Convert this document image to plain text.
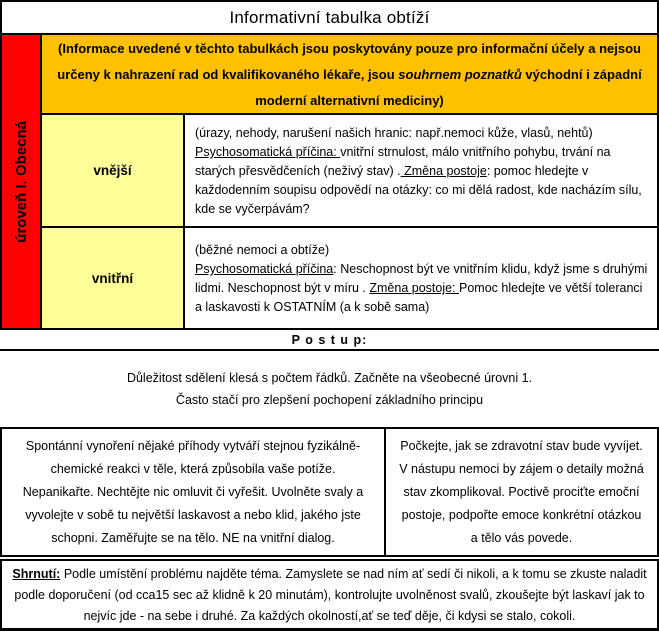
Informativní tabulka obtíží
úroveň I. Obecná
(Informace uvedené v těchto tabulkách jsou poskytovány pouze pro informační účely a nejsou určeny k nahrazení rad od kvalifikovaného lékaře, jsou souhrnem poznatků východní i západní moderní alternativní mediciny)
vnější
(úrazy, nehody, narušení našich hranic: např.nemoci kůže, vlasů, nehtů)
Psychosomatická příčina: vnitřní strnulost, málo vnitřního pohybu, trvání na starých přesvědčeních (neživý stav) . Změna postoje: pomoc hledejte v každodenním soupisu odpovědí na otázky: co mi dělá radost, kde nacházím sílu, kde se vyčerpávám?
vnitřní
(běžné nemoci a obtíže)
Psychosomatická příčina: Neschopnost být ve vnitřním klidu, když jsme s druhými lidmi. Neschopnost být v míru . Změna postoje: Pomoc hledejte ve větší toleranci a laskavosti k OSTATNÍM (a k sobě sama)
P o s t u p:
Důležitost sdělení klesá s počtem řádků. Začněte na všeobecné úrovni 1.
Často stačí pro zlepšení pochopení základního principu
Spontánní vynoření nějaké příhody vytváří stejnou fyzikálně-chemické reakci v těle, která způsobila vaše potíže. Nepanikařte. Nechtějte nic omluvit či vyřešit. Uvolněte svaly a vyvolejte v sobě tu největší laskavost a nebo klid, jakého jste schopni. Zaměřujte se na tělo. NE na vnitřní dialog.
Počkejte, jak se zdravotní stav bude vyvíjet. V nástupu nemoci by zájem o detaily možná stav zkomplikoval. Poctivě prociťte emoční postoje, podpořte emoce konkrétní otázkou a tělo vás povede.
Shrnutí: Podle umístění problému najděte téma. Zamyslete se nad ním ať sedí či nikoli, a k tomu se zkuste naladit podle doporučení (od cca15 sec až klidně k 20 minutám), kontrolujte uvolněnost svalů, zkoušejte být laskaví jak to nejvíc jde - na sebe i druhé. Za každých okolností,ať se teď děje, či kdysi se stalo, cokoli.
